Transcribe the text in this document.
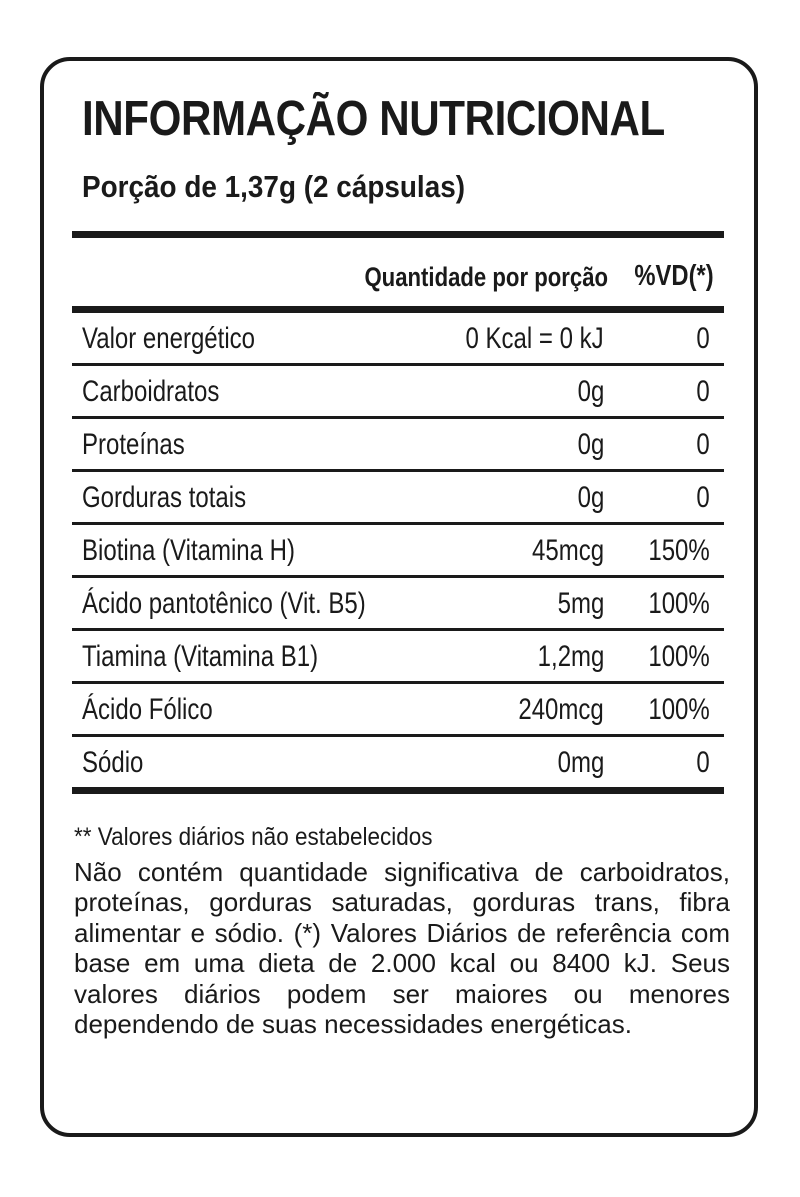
INFORMAÇÃO NUTRICIONAL
Porção de 1,37g (2 cápsulas)
Quantidade por porção %VD(*)
Valor energético	0 Kcal = 0 kJ	0
Carboidratos	0g	0
Proteínas	0g	0
Gorduras totais	0g	0
Biotina (Vitamina H)	45mcg 150%
Ácido pantotênico (Vit. B5)	5mg 100%
Tiamina (Vitamina B1)	1,2mg 100%
Ácido Fólico	240mcg 100%
Sódio	0mg	0
** Valores diários não estabelecidos
Não contém quantidade significativa de carboidratos, proteínas, gorduras saturadas, gorduras trans, fibra alimentar e sódio. (*) Valores Diários de referência com base em uma dieta de 2.000 kcal ou 8400 kJ. Seus valores diários podem ser maiores ou menores dependendo de suas necessidades energéticas.
